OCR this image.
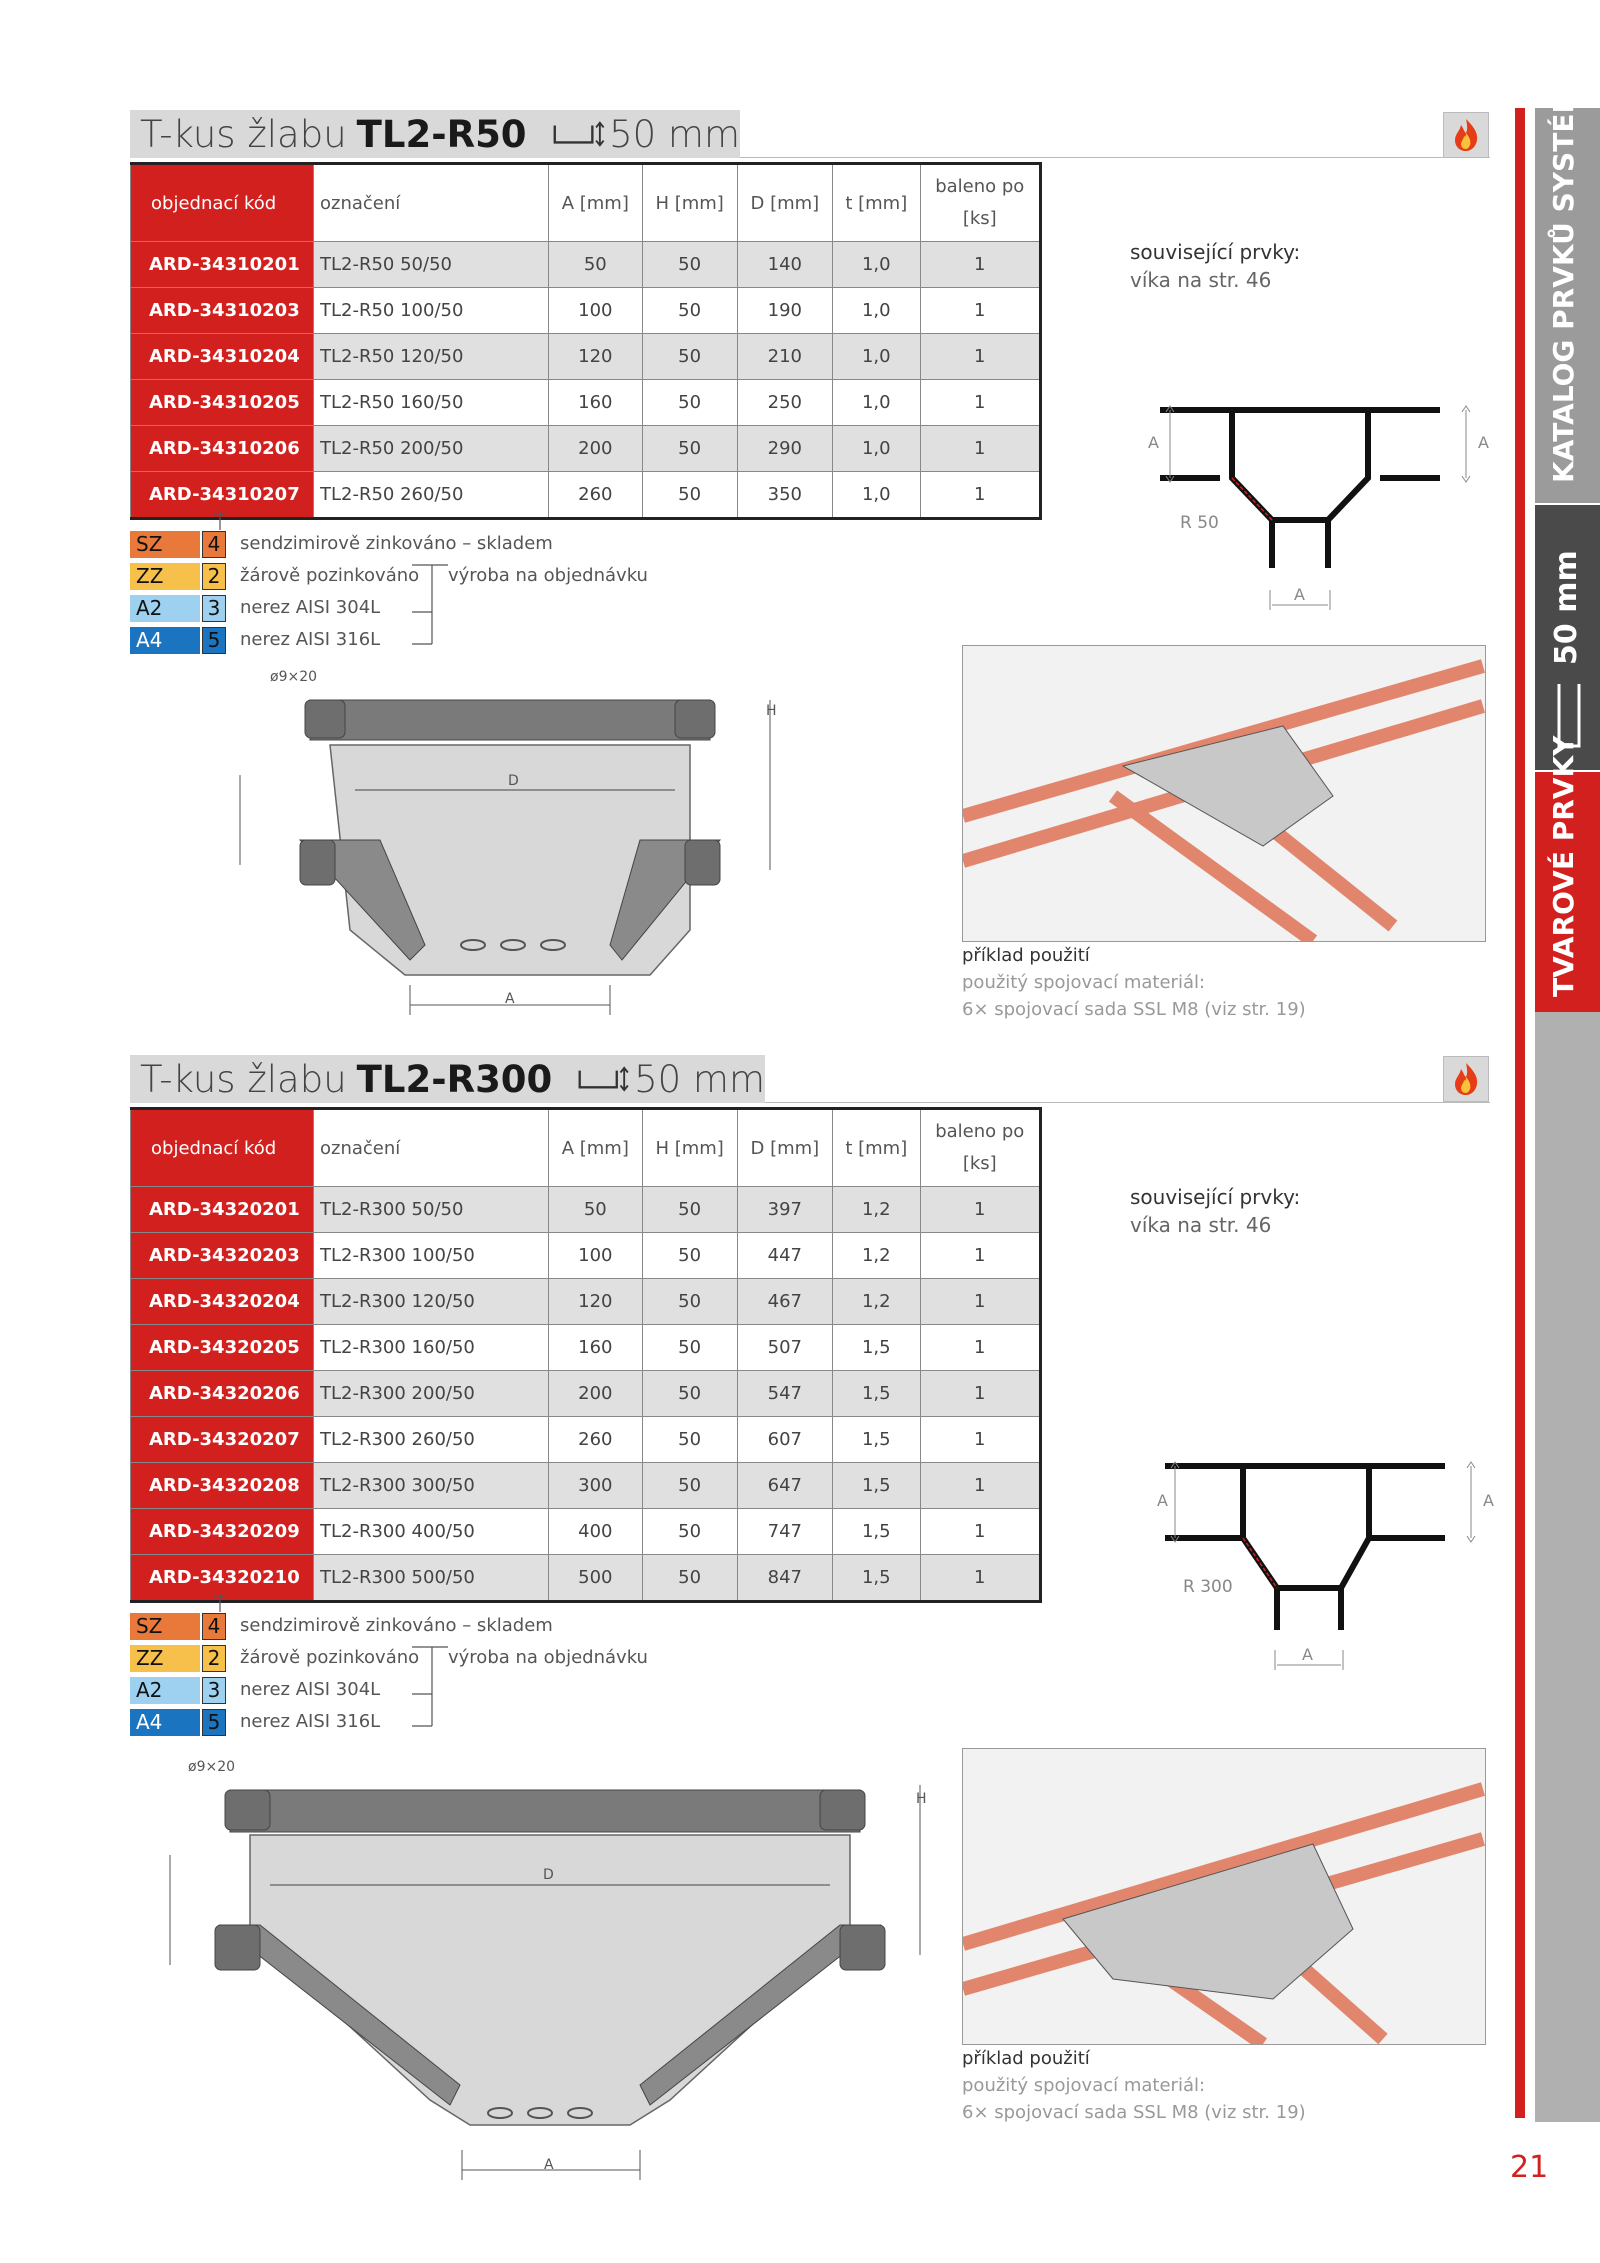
KATALOG PRVKŮ SYSTÉMU
50 mm
TVAROVÉ PRVKY
21
T-kus žlabu TL2-R50 50 mm
objednací kód	označení	A [mm]	H [mm]	D [mm]	t [mm]	baleno po
[ks]
ARD-34310201	TL2-R50 50/50	50	50	140	1,0	1
ARD-34310203	TL2-R50 100/50	100	50	190	1,0	1
ARD-34310204	TL2-R50 120/50	120	50	210	1,0	1
ARD-34310205	TL2-R50 160/50	160	50	250	1,0	1
ARD-34310206	TL2-R50 200/50	200	50	290	1,0	1
ARD-34310207	TL2-R50 260/50	260	50	350	1,0	1
SZ	4	sendzimirově zinkováno – skladem
ZZ	2	žárově pozinkováno výroba na objednávku
A2	3	nerez AISI 304L
A4	5	nerez AISI 316L
související prvky:
víka na str. 46
A	A
A
R 50
ø9×20
D
A
H
příklad použití
použitý spojovací materiál:
6× spojovací sada SSL M8 (viz str. 19)
T-kus žlabu TL2-R300 50 mm
objednací kód	označení	A [mm]	H [mm]	D [mm]	t [mm]	baleno po
[ks]
ARD-34320201	TL2-R300 50/50	50	50	397	1,2	1
ARD-34320203	TL2-R300 100/50	100	50	447	1,2	1
ARD-34320204	TL2-R300 120/50	120	50	467	1,2	1
ARD-34320205	TL2-R300 160/50	160	50	507	1,5	1
ARD-34320206	TL2-R300 200/50	200	50	547	1,5	1
ARD-34320207	TL2-R300 260/50	260	50	607	1,5	1
ARD-34320208	TL2-R300 300/50	300	50	647	1,5	1
ARD-34320209	TL2-R300 400/50	400	50	747	1,5	1
ARD-34320210	TL2-R300 500/50	500	50	847	1,5	1
SZ	4	sendzimirově zinkováno – skladem
ZZ	2	žárově pozinkováno výroba na objednávku
A2	3	nerez AISI 304L
A4	5	nerez AISI 316L
související prvky:
víka na str. 46
A	A
A
R 300
ø9×20
D
A
H
příklad použití
použitý spojovací materiál:
6× spojovací sada SSL M8 (viz str. 19)
